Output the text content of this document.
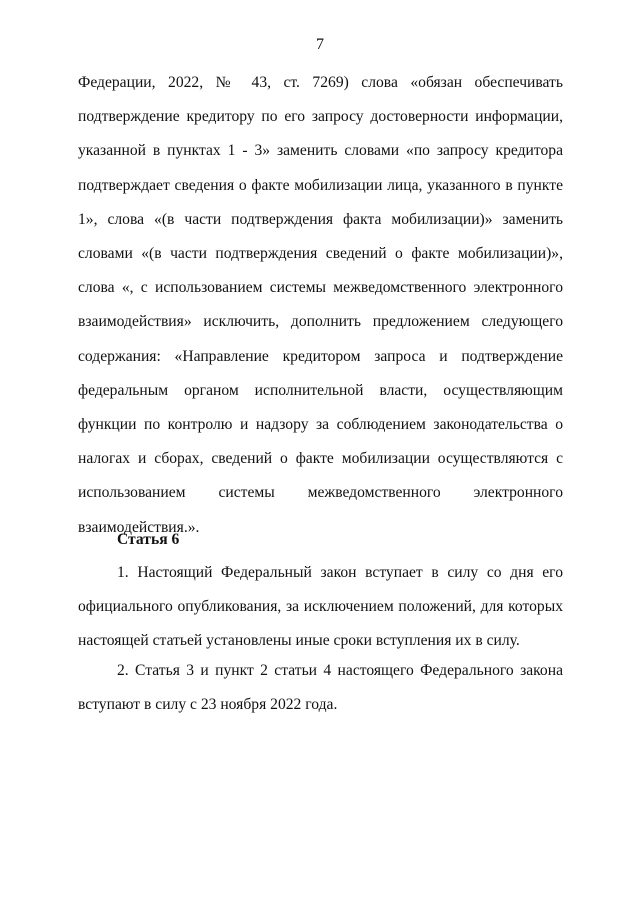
7
Федерации, 2022, № 43, ст. 7269) слова «обязан обеспечивать подтверждение кредитору по его запросу достоверности информации, указанной в пунктах 1 - 3» заменить словами «по запросу кредитора подтверждает сведения о факте мобилизации лица, указанного в пункте 1», слова «(в части подтверждения факта мобилизации)» заменить словами «(в части подтверждения сведений о факте мобилизации)», слова «, с использованием системы межведомственного электронного взаимодействия» исключить, дополнить предложением следующего содержания: «Направление кредитором запроса и подтверждение федеральным органом исполнительной власти, осуществляющим функции по контролю и надзору за соблюдением законодательства о налогах и сборах, сведений о факте мобилизации осуществляются с использованием системы межведомственного электронного взаимодействия.».
Статья 6
1. Настоящий Федеральный закон вступает в силу со дня его официального опубликования, за исключением положений, для которых настоящей статьей установлены иные сроки вступления их в силу.
2. Статья 3 и пункт 2 статьи 4 настоящего Федерального закона вступают в силу с 23 ноября 2022 года.
